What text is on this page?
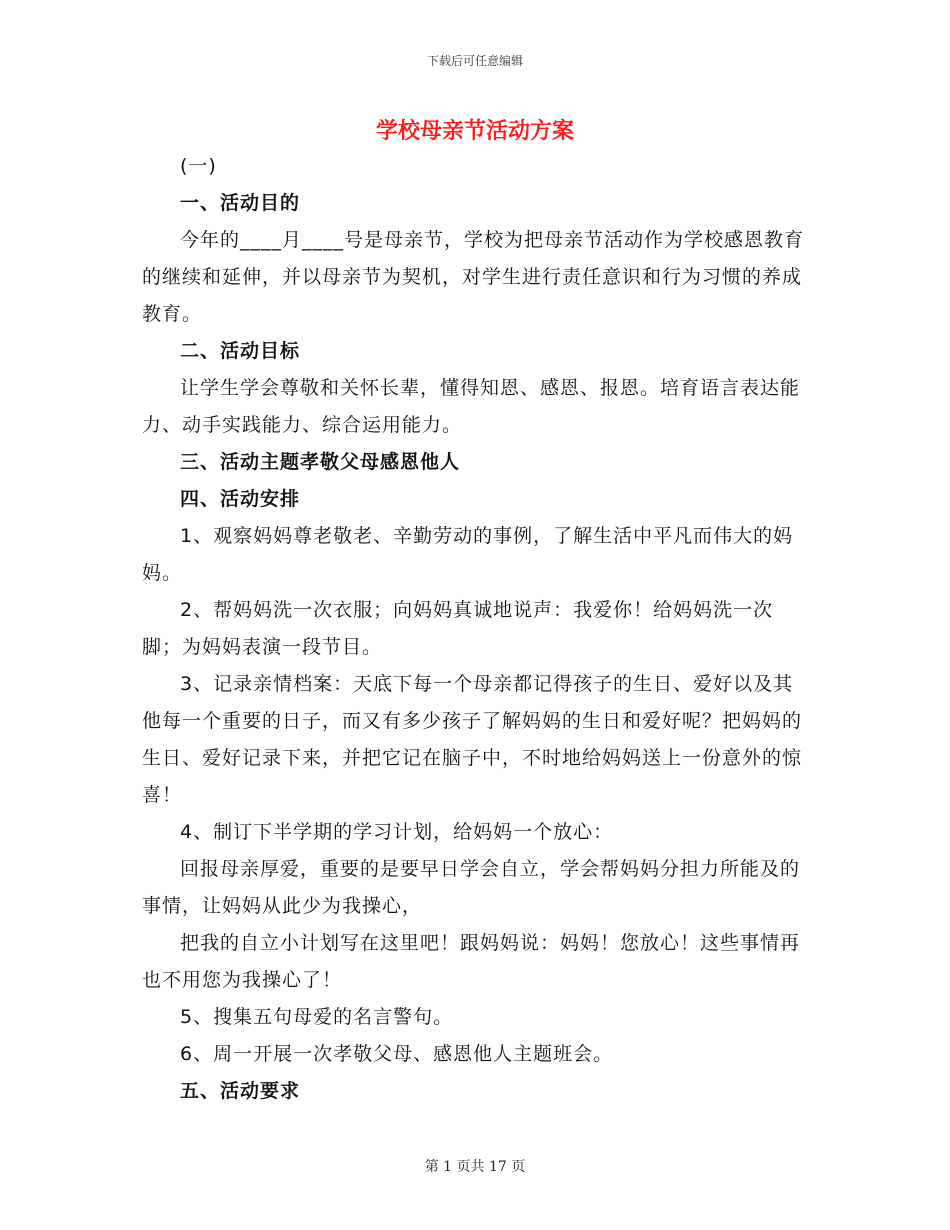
下载后可任意编辑
学校母亲节活动方案

(一)

一、活动目的

今年的____月____号是母亲节，学校为把母亲节活动作为学校感恩教育的继续和延伸，并以母亲节为契机，对学生进行责任意识和行为习惯的养成教育。

二、活动目标

让学生学会尊敬和关怀长辈，懂得知恩、感恩、报恩。培育语言表达能力、动手实践能力、综合运用能力。

三、活动主题孝敬父母感恩他人

四、活动安排

1、观察妈妈尊老敬老、辛勤劳动的事例，了解生活中平凡而伟大的妈妈。

2、帮妈妈洗一次衣服；向妈妈真诚地说声：我爱你！给妈妈洗一次脚；为妈妈表演一段节目。

3、记录亲情档案：天底下每一个母亲都记得孩子的生日、爱好以及其他每一个重要的日子，而又有多少孩子了解妈妈的生日和爱好呢？把妈妈的生日、爱好记录下来，并把它记在脑子中，不时地给妈妈送上一份意外的惊喜！

4、制订下半学期的学习计划，给妈妈一个放心：

回报母亲厚爱，重要的是要早日学会自立，学会帮妈妈分担力所能及的事情，让妈妈从此少为我操心，

把我的自立小计划写在这里吧！跟妈妈说：妈妈！您放心！这些事情再也不用您为我操心了！

5、搜集五句母爱的名言警句。

6、周一开展一次孝敬父母、感恩他人主题班会。

五、活动要求

第 1 页共 17 页
